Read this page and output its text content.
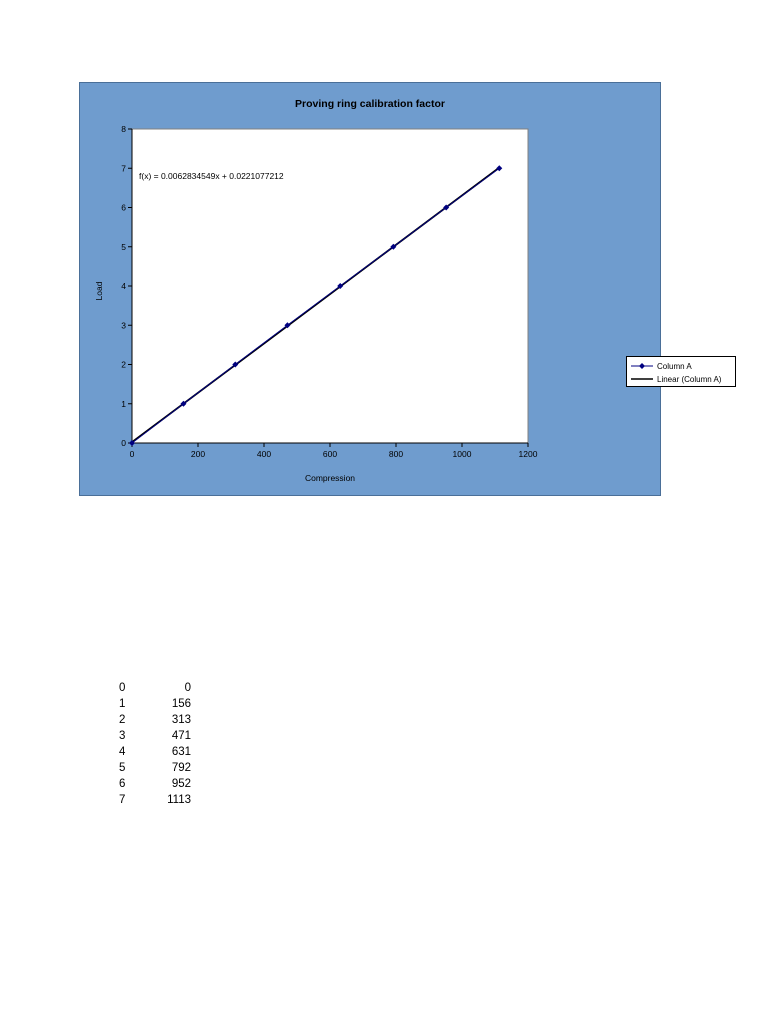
Proving ring calibration factor
Compression
Load
f(x) = 0.0062834549x + 0.0221077212
0	200	400	600	800	1000	1200
0
1
2
3
4
5
6
7
8
Column A
Linear (Column A)
0	0
1	156
2	313
3	471
4	631
5	792
6	952
7	1113
